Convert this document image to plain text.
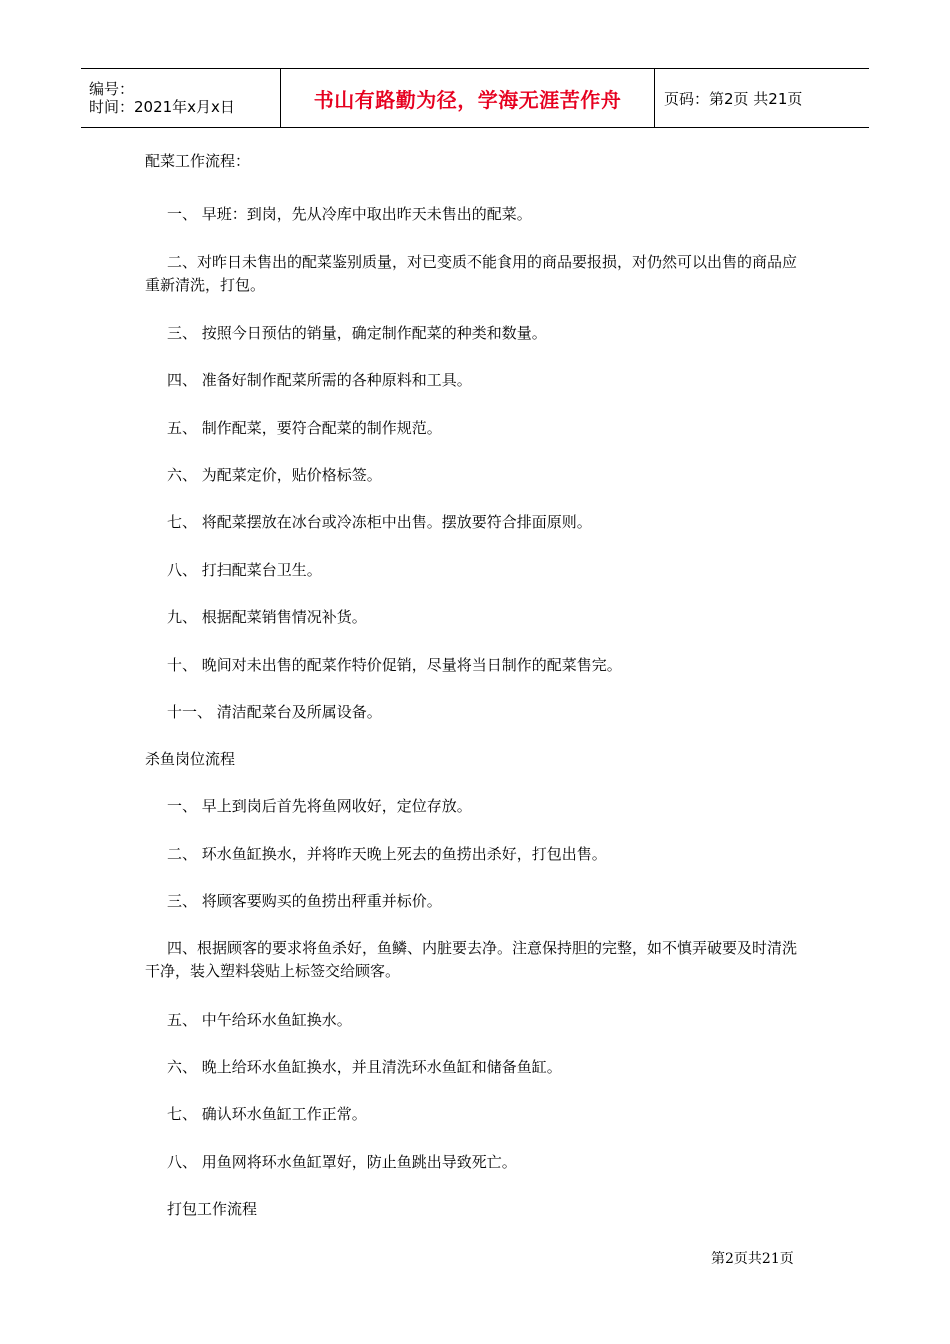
编号：
时间：2021年x月x日	书山有路勤为径，学海无涯苦作舟	页码：第2页 共21页
配菜工作流程：
一、 早班：到岗，先从冷库中取出昨天未售出的配菜。
二、对昨日未售出的配菜鉴别质量，对已变质不能食用的商品要报损，对仍然可以出售的商品应重新清洗，打包。
三、 按照今日预估的销量，确定制作配菜的种类和数量。
四、 准备好制作配菜所需的各种原料和工具。
五、 制作配菜，要符合配菜的制作规范。
六、 为配菜定价，贴价格标签。
七、 将配菜摆放在冰台或冷冻柜中出售。摆放要符合排面原则。
八、 打扫配菜台卫生。
九、 根据配菜销售情况补货。
十、 晚间对未出售的配菜作特价促销，尽量将当日制作的配菜售完。
十一、 清洁配菜台及所属设备。
杀鱼岗位流程
一、 早上到岗后首先将鱼网收好，定位存放。
二、 环水鱼缸换水，并将昨天晚上死去的鱼捞出杀好，打包出售。
三、 将顾客要购买的鱼捞出秤重并标价。
四、根据顾客的要求将鱼杀好，鱼鳞、内脏要去净。注意保持胆的完整，如不慎弄破要及时清洗干净，装入塑料袋贴上标签交给顾客。
五、 中午给环水鱼缸换水。
六、 晚上给环水鱼缸换水，并且清洗环水鱼缸和储备鱼缸。
七、 确认环水鱼缸工作正常。
八、 用鱼网将环水鱼缸罩好，防止鱼跳出导致死亡。
打包工作流程
第2页共21页
